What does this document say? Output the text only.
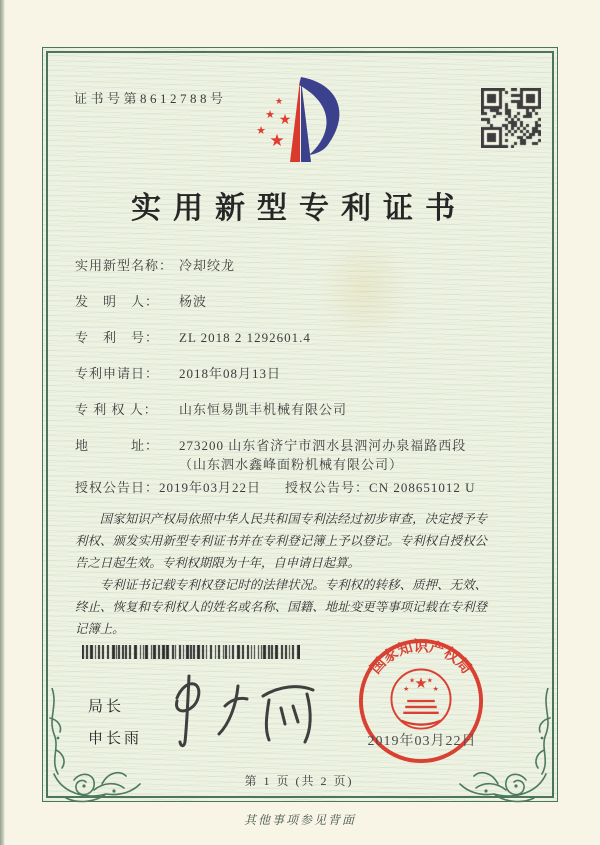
证书号第8612788号	★
★ ★
★
★
实用新型专利证书
实用新型名称： 冷却绞龙
发　明　人：	杨波
专　利　号：	ZL 2018 2 1292601.4
专利申请日：	2018年08月13日
专 利 权 人：	山东恒易凯丰机械有限公司
地　　　址：	273200 山东省济宁市泗水县泗河办泉福路西段（山东泗水鑫峰面粉机械有限公司）
授权公告日：2019年03月22日 授权公告号：CN 208651012 U

国家知识产权局依照中华人民共和国专利法经过初步审查，决定授予专利权、颁发实用新型专利证书并在专利登记簿上予以登记。专利权自授权公告之日起生效。专利权期限为十年，自申请日起算。

专利证书记载专利权登记时的法律状况。专利权的转移、质押、无效、终止、恢复和专利权人的姓名或名称、国籍、地址变更等事项记载在专利登记簿上。

局长
申长雨
国家知识产权局
★
★
★ ★
★
2019年03月22日
第 1 页 (共 2 页)
其他事项参见背面
